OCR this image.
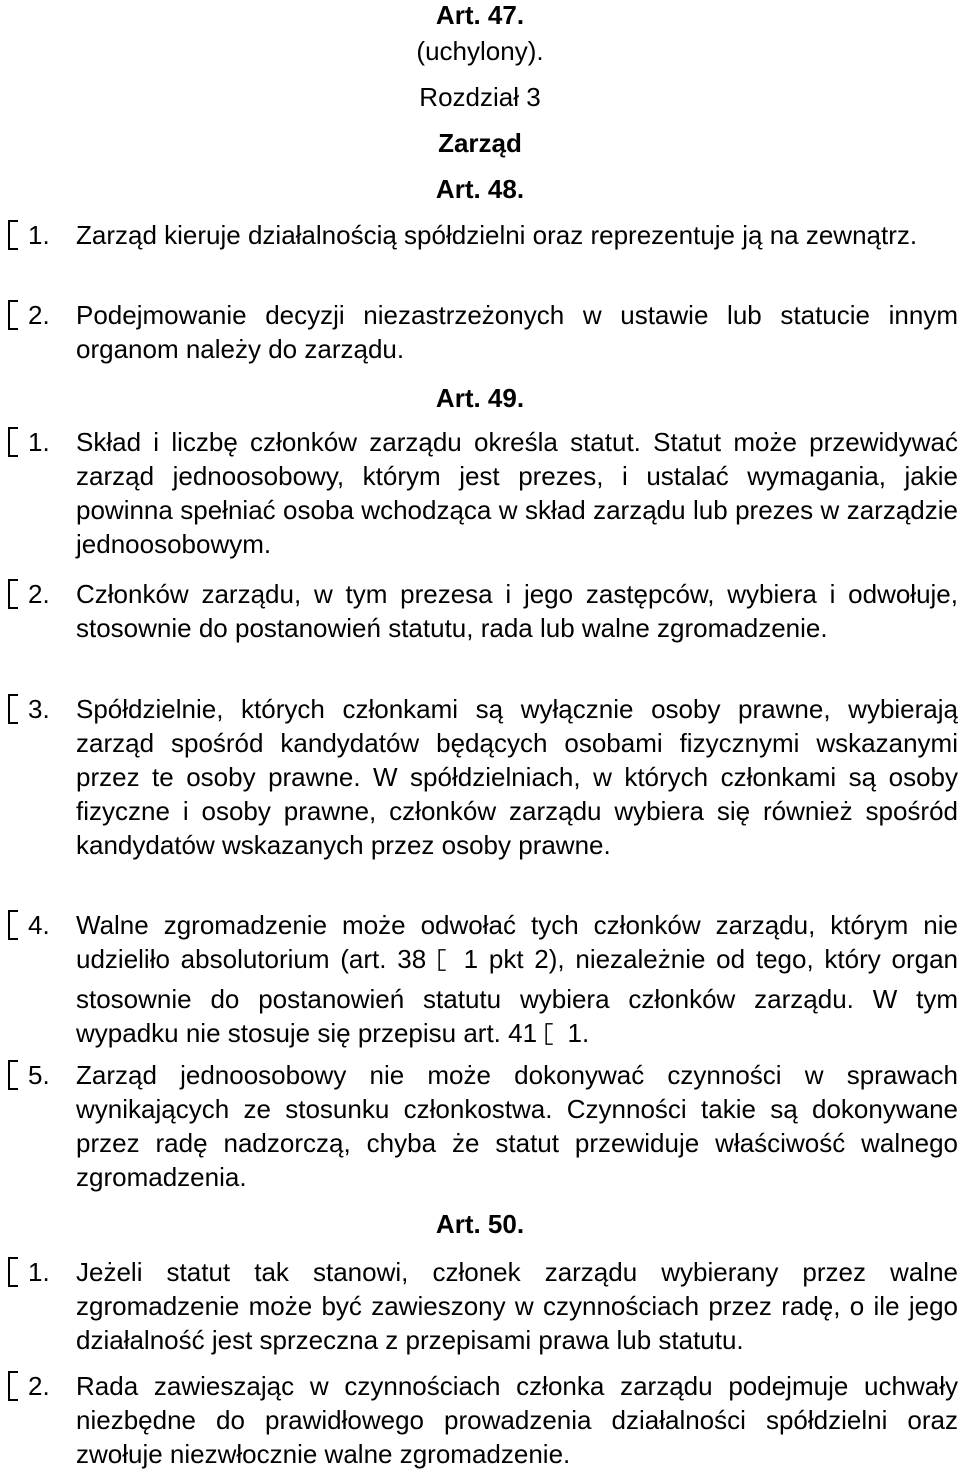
Art. 47.
(uchylony).
Rozdział 3
Zarząd
Art. 48.
1. Zarząd kieruje działalnością spółdzielni oraz reprezentuje ją na zewnątrz.
2. Podejmowanie decyzji niezastrzeżonych w ustawie lub statucie innym organom należy do zarządu.
Art. 49.
1. Skład i liczbę członków zarządu określa statut. Statut może przewidywać zarząd jednoosobowy, którym jest prezes, i ustalać wymagania, jakie powinna spełniać osoba wchodząca w skład zarządu lub prezes w zarządzie jednoosobowym.
2. Członków zarządu, w tym prezesa i jego zastępców, wybiera i odwołuje, stosownie do postanowień statutu, rada lub walne zgromadzenie.
3. Spółdzielnie, których członkami są wyłącznie osoby prawne, wybierają zarząd spośród kandydatów będących osobami fizycznymi wskazanymi przez te osoby prawne. W spółdzielniach, w których członkami są osoby fizyczne i osoby prawne, członków zarządu wybiera się również spośród kandydatów wskazanych przez osoby prawne.
4. Walne zgromadzenie może odwołać tych członków zarządu, którym nie udzieliło absolutorium (art. 38 1 pkt 2), niezależnie od tego, który organ stosownie do postanowień statutu wybiera członków zarządu. W tym wypadku nie stosuje się przepisu art. 41 1.
5. Zarząd jednoosobowy nie może dokonywać czynności w sprawach wynikających ze stosunku członkostwa. Czynności takie są dokonywane przez radę nadzorczą, chyba że statut przewiduje właściwość walnego zgromadzenia.
Art. 50.
1. Jeżeli statut tak stanowi, członek zarządu wybierany przez walne zgromadzenie może być zawieszony w czynnościach przez radę, o ile jego działalność jest sprzeczna z przepisami prawa lub statutu.
2. Rada zawieszając w czynnościach członka zarządu podejmuje uchwały niezbędne do prawidłowego prowadzenia działalności spółdzielni oraz zwołuje niezwłocznie walne zgromadzenie.
